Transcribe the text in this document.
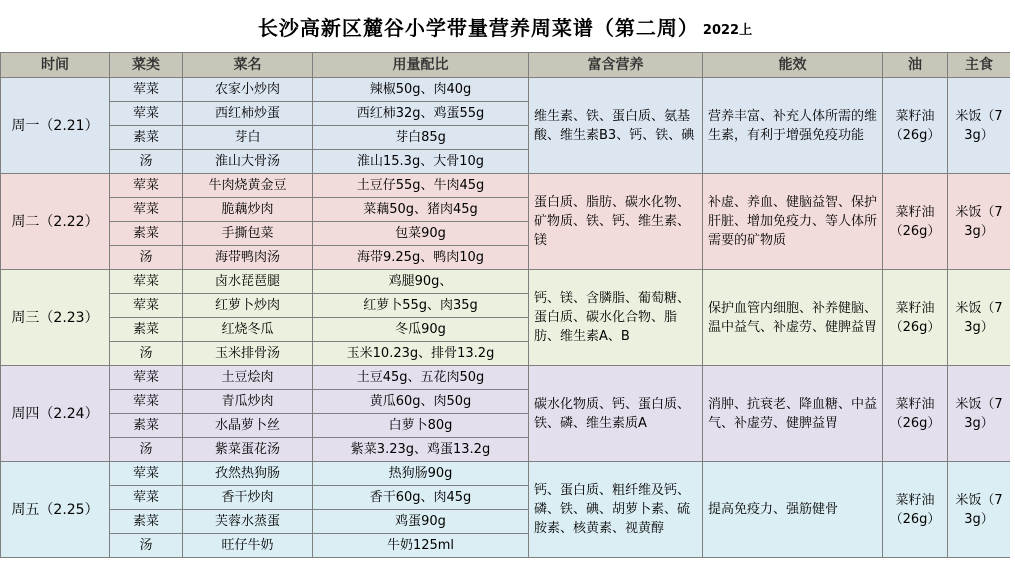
长沙高新区麓谷小学带量营养周菜谱（第二周） 2022上
时间	菜类	菜名	用量配比	富含营养	能效	油	主食
周一（2.21）	荤菜	农家小炒肉	辣椒50g、肉40g	维生素、铁、蛋白质、氨基酸、维生素B3、钙、铁、碘	营养丰富、补充人体所需的维生素，有利于增强免疫功能	菜籽油（26g）	米饭（73g）
	荤菜	西红柿炒蛋	西红柿32g、鸡蛋55g				
	素菜	芽白	芽白85g				
	汤	淮山大骨汤	淮山15.3g、大骨10g				
周二（2.22）	荤菜	牛肉烧黄金豆	土豆仔55g、牛肉45g	蛋白质、脂肪、碳水化物、矿物质、铁、钙、维生素、镁	补虚、养血、健脑益智、保护肝脏、增加免疫力、等人体所需要的矿物质	菜籽油（26g）	米饭（73g）
	荤菜	脆藕炒肉	菜藕50g、猪肉45g				
	素菜	手撕包菜	包菜90g				
	汤	海带鸭肉汤	海带9.25g、鸭肉10g				
周三（2.23）	荤菜	卤水琵琶腿	鸡腿90g、	钙、镁、含膦脂、葡萄糖、蛋白质、碳水化合物、脂肪、维生素A、B	保护血管内细胞、补养健脑、温中益气、补虚劳、健脾益胃	菜籽油（26g）	米饭（73g）
	荤菜	红萝卜炒肉	红萝卜55g、肉35g				
	素菜	红烧冬瓜	冬瓜90g				
	汤	玉米排骨汤	玉米10.23g、排骨13.2g				
周四（2.24）	荤菜	土豆烩肉	土豆45g、五花肉50g	碳水化物质、钙、蛋白质、铁、磷、维生素质A	消肿、抗衰老、降血糖、中益气、补虚劳、健脾益胃	菜籽油（26g）	米饭（73g）
	荤菜	青瓜炒肉	黄瓜60g、肉50g				
	素菜	水晶萝卜丝	白萝卜80g				
	汤	紫菜蛋花汤	紫菜3.23g、鸡蛋13.2g				
周五（2.25）	荤菜	孜然热狗肠	热狗肠90g	钙、蛋白质、粗纤维及钙、磷、铁、碘、胡萝卜素、硫胺素、核黄素、视黄醇	提高免疫力、强筋健骨	菜籽油（26g）	米饭（73g）
	荤菜	香干炒肉	香干60g、肉45g				
	素菜	芙蓉水蒸蛋	鸡蛋90g				
	汤	旺仔牛奶	牛奶125ml				
